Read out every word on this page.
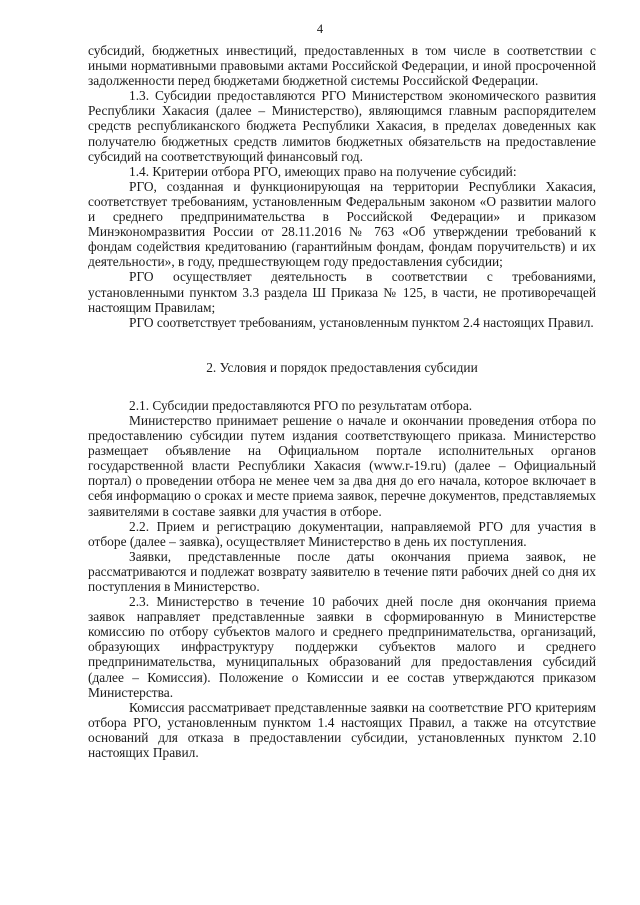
4

субсидий, бюджетных инвестиций, предоставленных в том числе в соответствии с иными нормативными правовыми актами Российской Федерации, и иной просроченной задолженности перед бюджетами бюджетной системы Российской Федерации.

1.3. Субсидии предоставляются РГО Министерством экономического развития Республики Хакасия (далее – Министерство), являющимся главным распорядителем средств республиканского бюджета Республики Хакасия, в пределах доведенных как получателю бюджетных средств лимитов бюджетных обязательств на предоставление субсидий на соответствующий финансовый год.

1.4. Критерии отбора РГО, имеющих право на получение субсидий:

РГО, созданная и функционирующая на территории Республики Хакасия, соответствует требованиям, установленным Федеральным законом «О развитии малого и среднего предпринимательства в Российской Федерации» и приказом Минэкономразвития России от 28.11.2016 № 763 «Об утверждении требований к фондам содействия кредитованию (гарантийным фондам, фондам поручительств) и их деятельности», в году, предшествующем году предоставления субсидии;

РГО осуществляет деятельность в соответствии с требованиями, установленными пунктом 3.3 раздела Ш Приказа № 125, в части, не противоречащей настоящим Правилам;

РГО соответствует требованиям, установленным пунктом 2.4 настоящих Правил.

2. Условия и порядок предоставления субсидии

2.1. Субсидии предоставляются РГО по результатам отбора.

Министерство принимает решение о начале и окончании проведения отбора по предоставлению субсидии путем издания соответствующего приказа. Министерство размещает объявление на Официальном портале исполнительных органов государственной власти Республики Хакасия (www.r-19.ru) (далее – Официальный портал) о проведении отбора не менее чем за два дня до его начала, которое включает в себя информацию о сроках и месте приема заявок, перечне документов, представляемых заявителями в составе заявки для участия в отборе.

2.2. Прием и регистрацию документации, направляемой РГО для участия в отборе (далее – заявка), осуществляет Министерство в день их поступления.

Заявки, представленные после даты окончания приема заявок, не рассматриваются и подлежат возврату заявителю в течение пяти рабочих дней со дня их поступления в Министерство.

2.3. Министерство в течение 10 рабочих дней после дня окончания приема заявок направляет представленные заявки в сформированную в Министерстве комиссию по отбору субъектов малого и среднего предпринимательства, организаций, образующих инфраструктуру поддержки субъектов малого и среднего предпринимательства, муниципальных образований для предоставления субсидий (далее – Комиссия). Положение о Комиссии и ее состав утверждаются приказом Министерства.

Комиссия рассматривает представленные заявки на соответствие РГО критериям отбора РГО, установленным пунктом 1.4 настоящих Правил, а также на отсутствие оснований для отказа в предоставлении субсидии, установленных пунктом 2.10 настоящих Правил.
